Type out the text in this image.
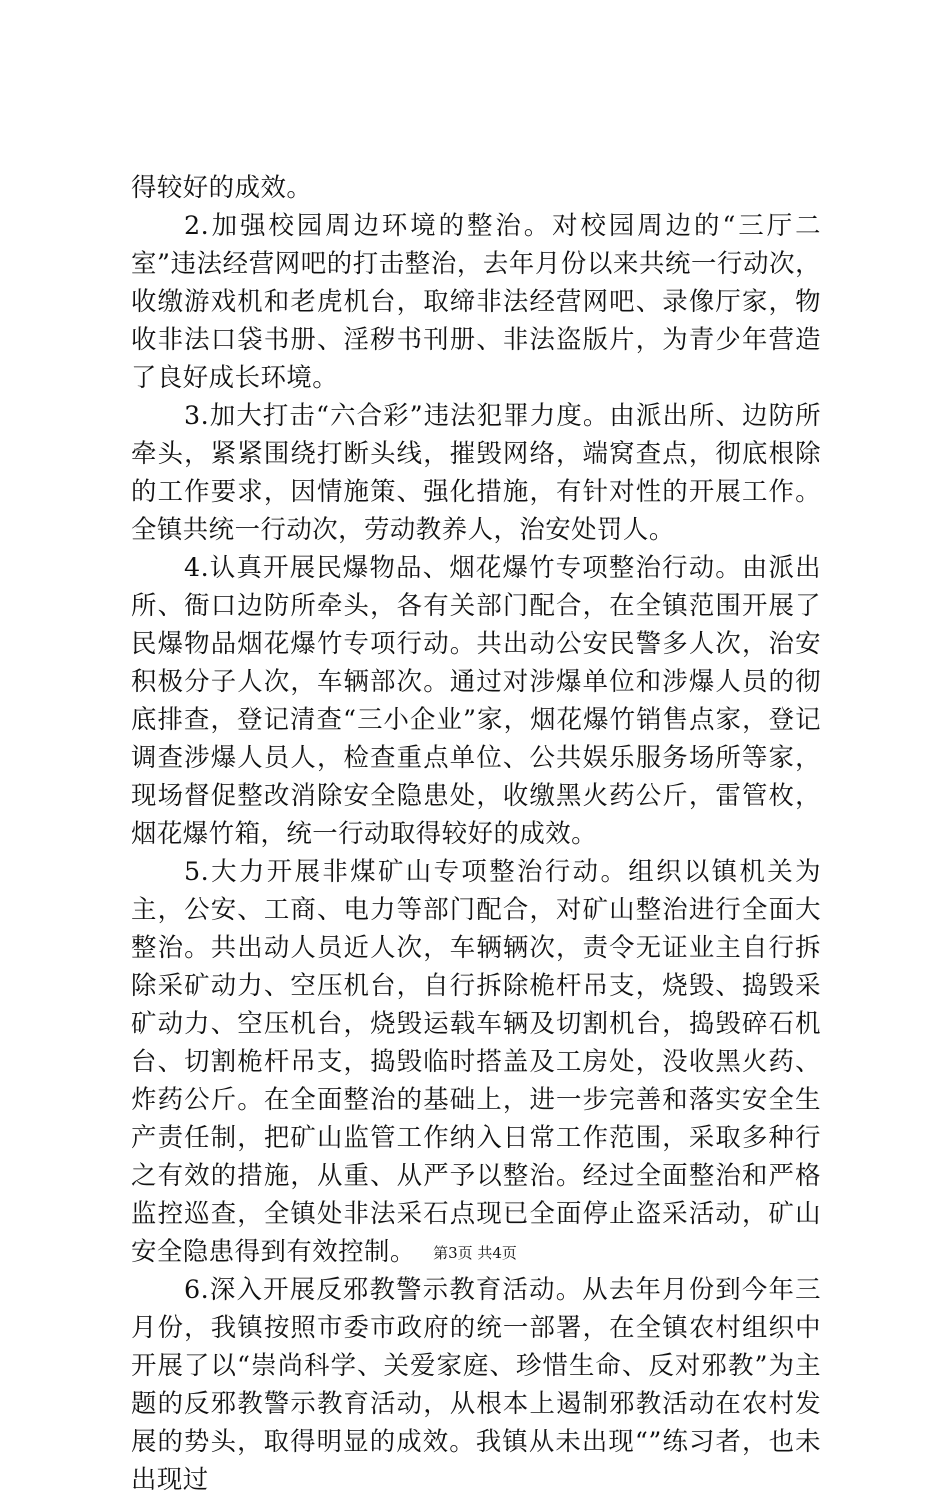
得较好的成效。

2.加强校园周边环境的整治。对校园周边的“三厅二室”违法经营网吧的打击整治，去年月份以来共统一行动次，收缴游戏机和老虎机台，取缔非法经营网吧、录像厅家，物收非法口袋书册、淫秽书刊册、非法盗版片，为青少年营造了良好成长环境。

3.加大打击“六合彩”违法犯罪力度。由派出所、边防所牵头，紧紧围绕打断头线，摧毁网络，端窝查点，彻底根除的工作要求，因情施策、强化措施，有针对性的开展工作。全镇共统一行动次，劳动教养人，治安处罚人。

4.认真开展民爆物品、烟花爆竹专项整治行动。由派出所、衙口边防所牵头，各有关部门配合，在全镇范围开展了民爆物品烟花爆竹专项行动。共出动公安民警多人次，治安积极分子人次，车辆部次。通过对涉爆单位和涉爆人员的彻底排查，登记清查“三小企业”家，烟花爆竹销售点家，登记调查涉爆人员人，检查重点单位、公共娱乐服务场所等家，现场督促整改消除安全隐患处，收缴黑火药公斤，雷管枚，烟花爆竹箱，统一行动取得较好的成效。

5.大力开展非煤矿山专项整治行动。组织以镇机关为主，公安、工商、电力等部门配合，对矿山整治进行全面大整治。共出动人员近人次，车辆辆次，责令无证业主自行拆除采矿动力、空压机台，自行拆除桅杆吊支，烧毁、捣毁采矿动力、空压机台，烧毁运载车辆及切割机台，捣毁碎石机台、切割桅杆吊支，捣毁临时搭盖及工房处，没收黑火药、炸药公斤。在全面整治的基础上，进一步完善和落实安全生产责任制，把矿山监管工作纳入日常工作范围，采取多种行之有效的措施，从重、从严予以整治。经过全面整治和严格监控巡查，全镇处非法采石点现已全面停止盗采活动，矿山安全隐患得到有效控制。

6.深入开展反邪教警示教育活动。从去年月份到今年三月份，我镇按照市委市政府的统一部署，在全镇农村组织中开展了以“崇尚科学、关爱家庭、珍惜生命、反对邪教”为主题的反邪教警示教育活动，从根本上遏制邪教活动在农村发展的势头，取得明显的成效。我镇从未出现“”练习者，也未出现过

第3页 共4页
